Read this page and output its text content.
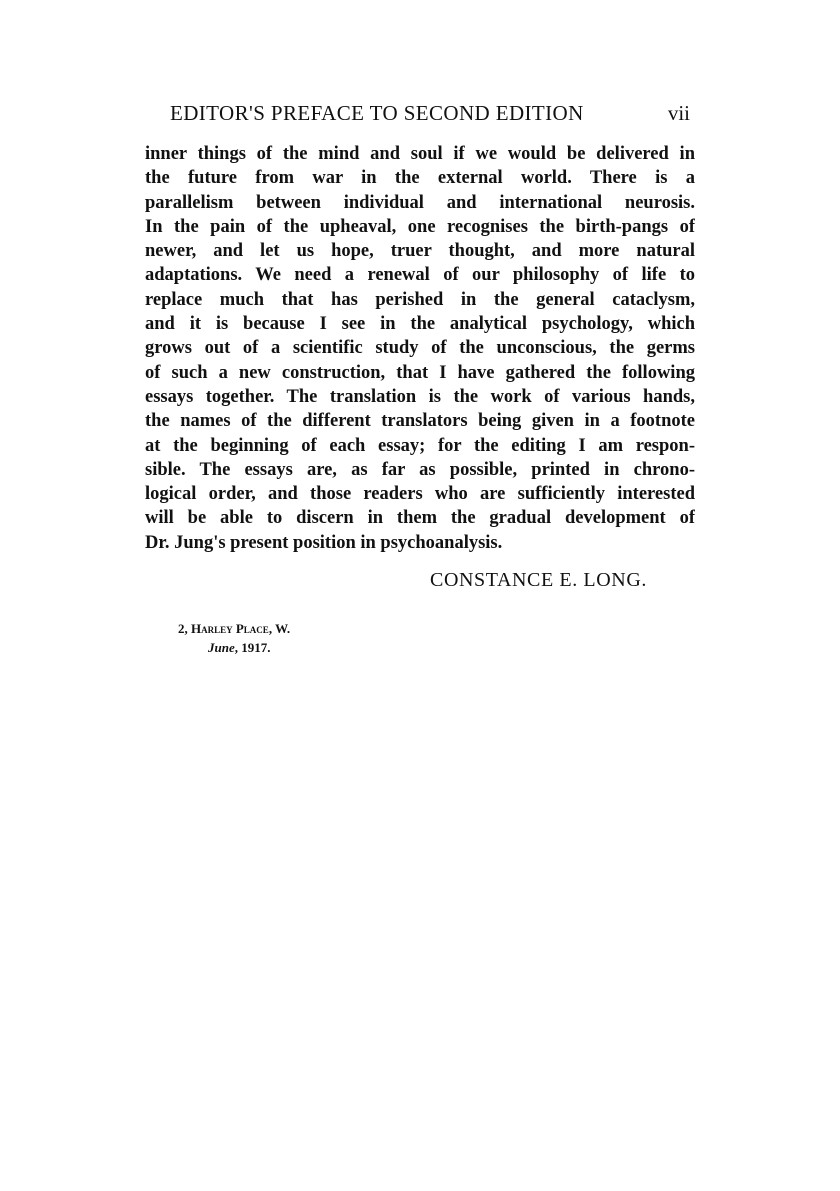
EDITOR'S PREFACE TO SECOND EDITION	vii
inner things of the mind and soul if we would be delivered in
the future from war in the external world. There is a
parallelism between individual and international neurosis.
In the pain of the upheaval, one recognises the birth-pangs of
newer, and let us hope, truer thought, and more natural
adaptations. We need a renewal of our philosophy of life to
replace much that has perished in the general cataclysm,
and it is because I see in the analytical psychology, which
grows out of a scientific study of the unconscious, the germs
of such a new construction, that I have gathered the following
essays together. The translation is the work of various hands,
the names of the different translators being given in a footnote
at the beginning of each essay; for the editing I am respon-
sible. The essays are, as far as possible, printed in chrono-
logical order, and those readers who are sufficiently interested
will be able to discern in them the gradual development of
Dr. Jung's present position in psychoanalysis.
CONSTANCE E. LONG.
2, Harley Place, W.
June, 1917.
